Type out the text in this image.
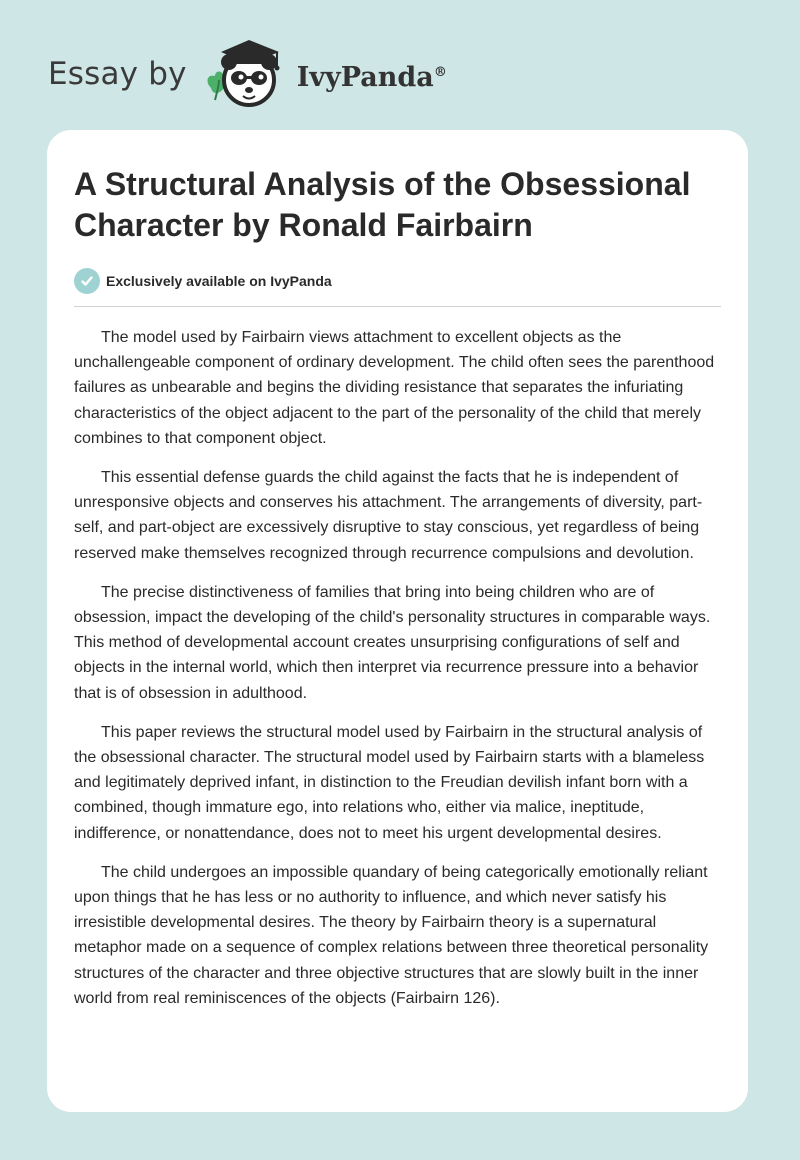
Essay by	IvyPanda®
A Structural Analysis of the Obsessional Character by Ronald Fairbairn
Exclusively available on IvyPanda

The model used by Fairbairn views attachment to excellent objects as the unchallengeable component of ordinary development. The child often sees the parenthood failures as unbearable and begins the dividing resistance that separates the infuriating characteristics of the object adjacent to the part of the personality of the child that merely combines to that component object.

This essential defense guards the child against the facts that he is independent of unresponsive objects and conserves his attachment. The arrangements of diversity, part-self, and part-object are excessively disruptive to stay conscious, yet regardless of being reserved make themselves recognized through recurrence compulsions and devolution.

The precise distinctiveness of families that bring into being children who are of obsession, impact the developing of the child's personality structures in comparable ways. This method of developmental account creates unsurprising configurations of self and objects in the internal world, which then interpret via recurrence pressure into a behavior that is of obsession in adulthood.

This paper reviews the structural model used by Fairbairn in the structural analysis of the obsessional character. The structural model used by Fairbairn starts with a blameless and legitimately deprived infant, in distinction to the Freudian devilish infant born with a combined, though immature ego, into relations who, either via malice, ineptitude, indifference, or nonattendance, does not to meet his urgent developmental desires.

The child undergoes an impossible quandary of being categorically emotionally reliant upon things that he has less or no authority to influence, and which never satisfy his irresistible developmental desires. The theory by Fairbairn theory is a supernatural metaphor made on a sequence of complex relations between three theoretical personality structures of the character and three objective structures that are slowly built in the inner world from real reminiscences of the objects (Fairbairn 126).
